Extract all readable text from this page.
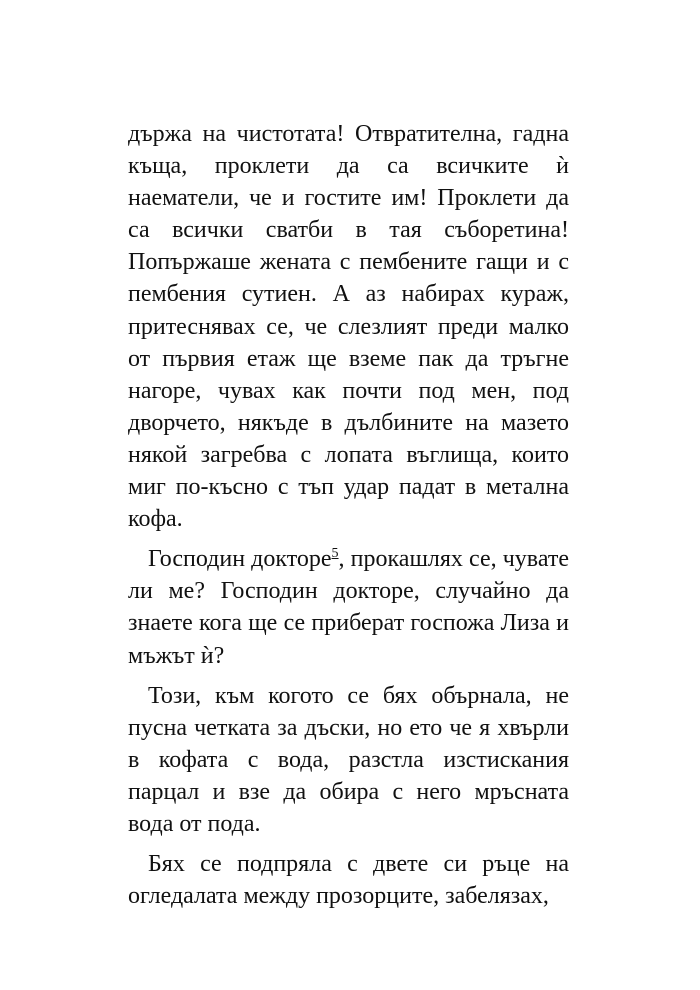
държа на чистотата! Отвратителна, гадна къща, проклети да са всичките ѝ наематели, че и гостите им! Проклети да са всички сватби в тая съборетина! Попържаше жената с пембените гащи и с пембения сутиен. А аз набирах кураж, притеснявах се, че слезлият преди малко от първия етаж ще вземе пак да тръгне нагоре, чувах как почти под мен, под дворчето, някъде в дълбините на мазето някой загребва с лопата въглища, които миг по-късно с тъп удар падат в метална кофа.

Господин докторе$^5$, прокашлях се, чувате ли ме? Господин докторе, случайно да знаете кога ще се приберат госпожа Лиза и мъжът ѝ?

Този, към когото се бях обърнала, не пусна четката за дъски, но ето че я хвърли в кофата с вода, разстла изстискания парцал и взе да обира с него мръсната вода от пода.

Бях се подпряла с двете си ръце на огледалата между прозорците, забелязах,
